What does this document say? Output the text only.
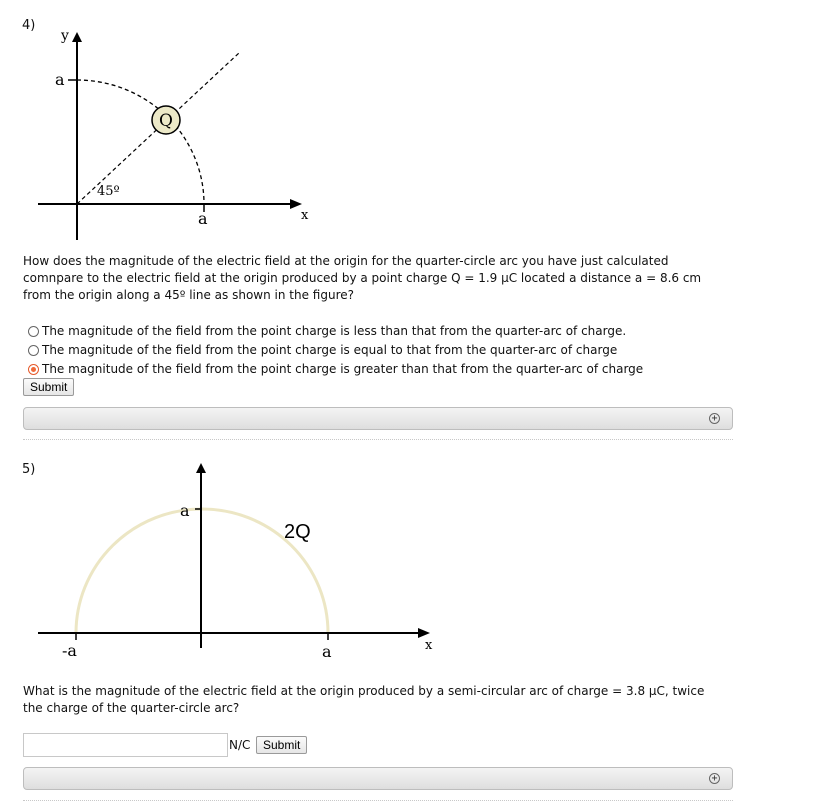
4)
Q
y
a
45º
a	x
How does the magnitude of the electric field at the origin for the quarter-circle arc you have just calculated comnpare to the electric field at the origin produced by a point charge Q = 1.9 μC located a distance a = 8.6 cm from the origin along a 45º line as shown in the figure?
The magnitude of the field from the point charge is less than that from the quarter-arc of charge.
The magnitude of the field from the point charge is equal to that from the quarter-arc of charge
The magnitude of the field from the point charge is greater than that from the quarter-arc of charge
Submit
+
5)
a
2Q
-a	a	x
What is the magnitude of the electric field at the origin produced by a semi-circular arc of charge = 3.8 μC, twice the charge of the quarter-circle arc?
N/C	Submit
+
